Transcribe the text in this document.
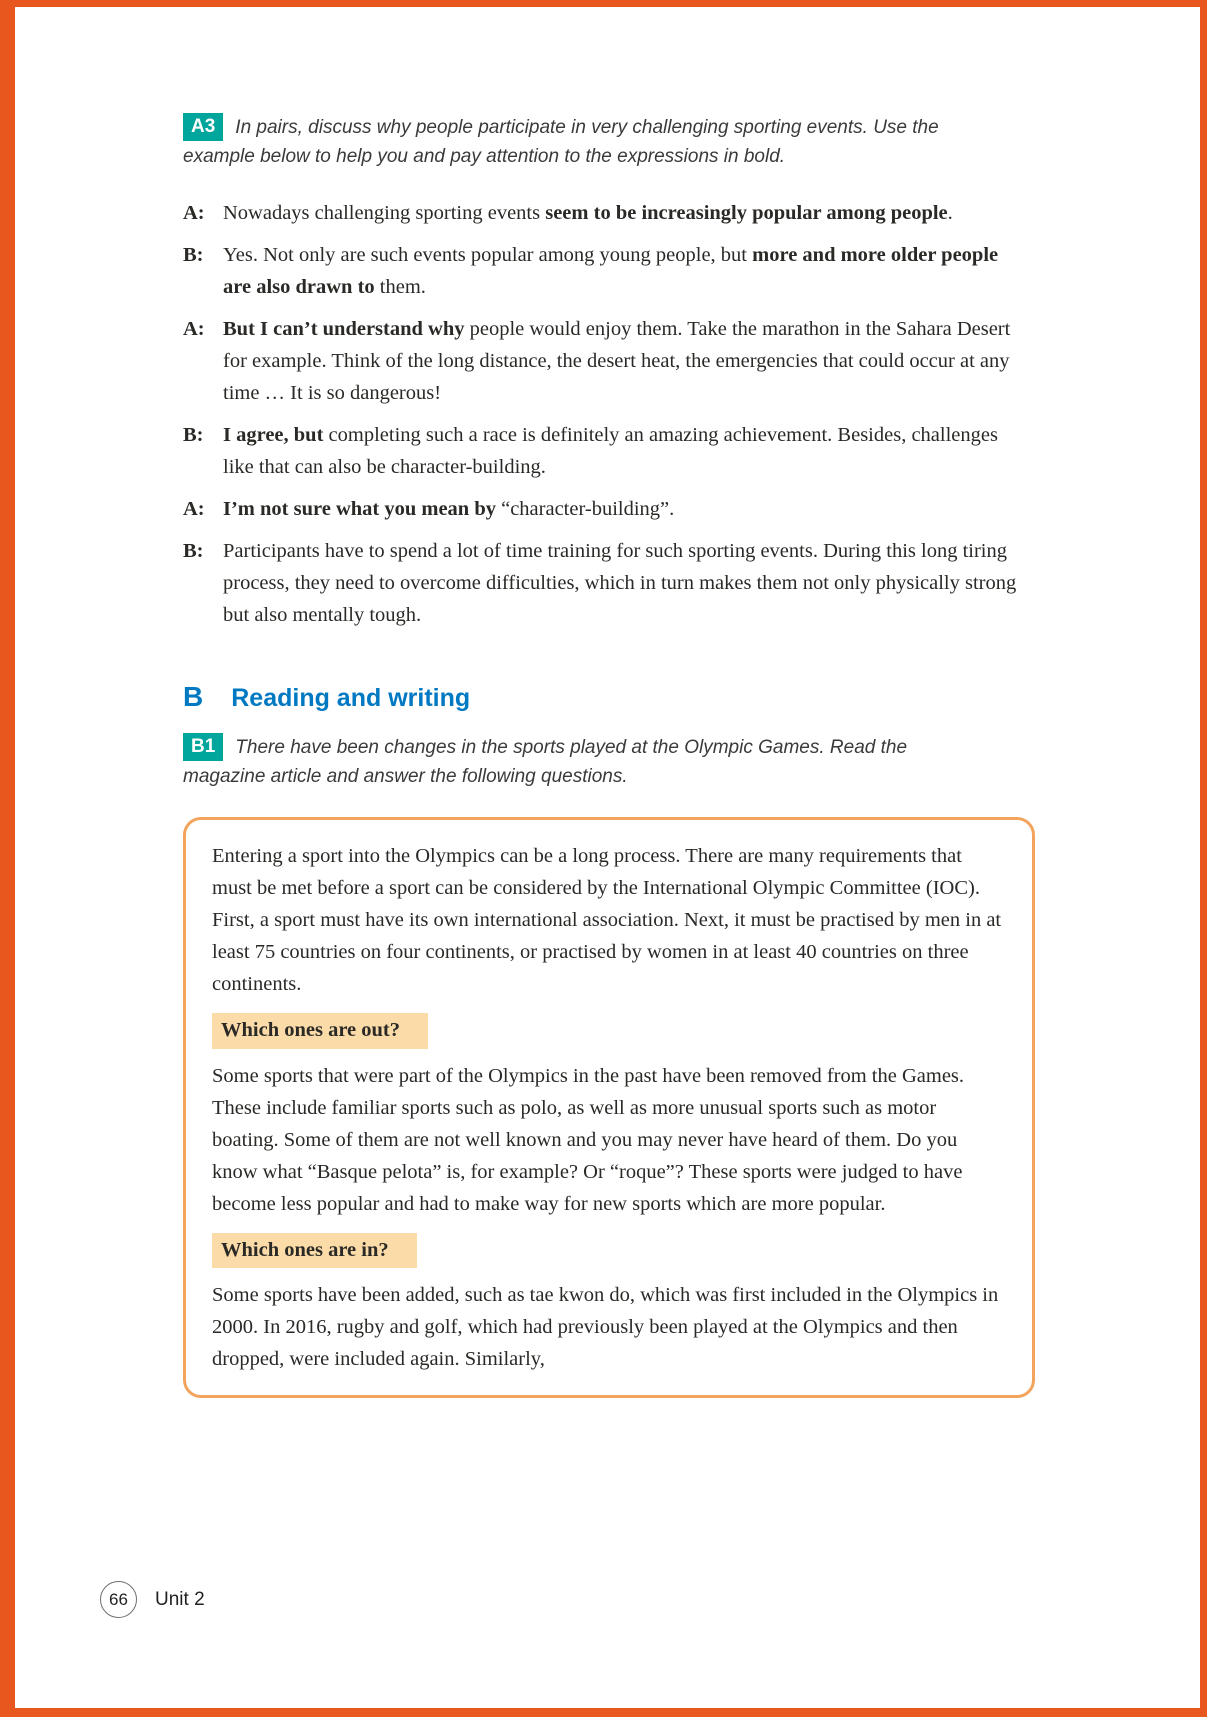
A3 In pairs, discuss why people participate in very challenging sporting events. Use the example below to help you and pay attention to the expressions in bold.

A: Nowadays challenging sporting events seem to be increasingly popular among people.

B: Yes. Not only are such events popular among young people, but more and more older people are also drawn to them.

A: But I can’t understand why people would enjoy them. Take the marathon in the Sahara Desert for example. Think of the long distance, the desert heat, the emergencies that could occur at any time … It is so dangerous!

B: I agree, but completing such a race is definitely an amazing achievement. Besides, challenges like that can also be character-building.

A: I’m not sure what you mean by “character-building”.

B: Participants have to spend a lot of time training for such sporting events. During this long tiring process, they need to overcome difficulties, which in turn makes them not only physically strong but also mentally tough.

B Reading and writing

B1 There have been changes in the sports played at the Olympic Games. Read the magazine article and answer the following questions.

Entering a sport into the Olympics can be a long process. There are many requirements that must be met before a sport can be considered by the International Olympic Committee (IOC). First, a sport must have its own international association. Next, it must be practised by men in at least 75 countries on four continents, or practised by women in at least 40 countries on three continents.

Which ones are out?

Some sports that were part of the Olympics in the past have been removed from the Games. These include familiar sports such as polo, as well as more unusual sports such as motor boating. Some of them are not well known and you may never have heard of them. Do you know what “Basque pelota” is, for example? Or “roque”? These sports were judged to have become less popular and had to make way for new sports which are more popular.

Which ones are in?

Some sports have been added, such as tae kwon do, which was first included in the Olympics in 2000. In 2016, rugby and golf, which had previously been played at the Olympics and then dropped, were included again. Similarly,

66	Unit 2
